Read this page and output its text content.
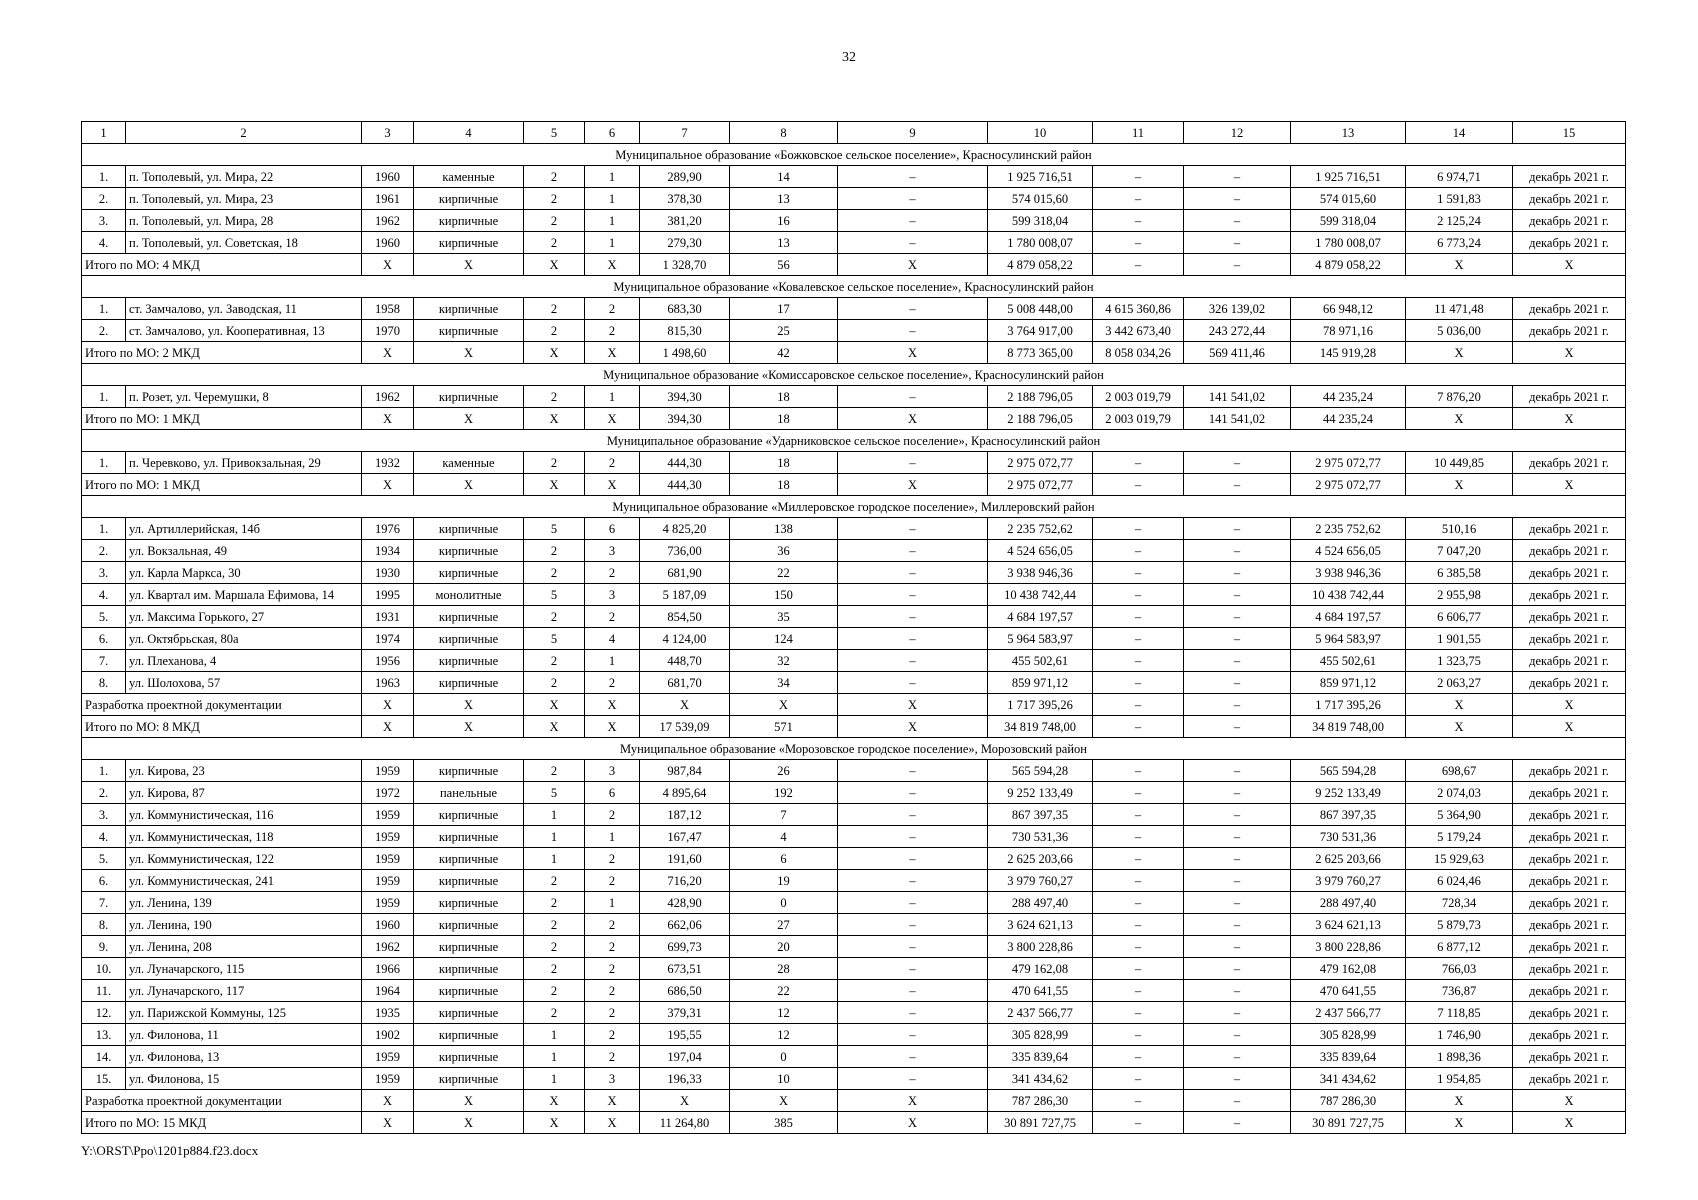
32
1	2	3	4	5	6	7	8	9	10	11	12	13	14	15
Муниципальное образование «Божковское сельское поселение», Красносулинский район														
1.	п. Тополевый, ул. Мира, 22	1960	каменные	2	1	289,90	14	–	1 925 716,51	–	–	1 925 716,51	6 974,71	декабрь 2021 г.
2.	п. Тополевый, ул. Мира, 23	1961	кирпичные	2	1	378,30	13	–	574 015,60	–	–	574 015,60	1 591,83	декабрь 2021 г.
3.	п. Тополевый, ул. Мира, 28	1962	кирпичные	2	1	381,20	16	–	599 318,04	–	–	599 318,04	2 125,24	декабрь 2021 г.
4.	п. Тополевый, ул. Советская, 18	1960	кирпичные	2	1	279,30	13	–	1 780 008,07	–	–	1 780 008,07	6 773,24	декабрь 2021 г.
Итого по МО: 4 МКД		Х	Х	Х	Х	1 328,70	56	Х	4 879 058,22	–	–	4 879 058,22	Х	Х
Муниципальное образование «Ковалевское сельское поселение», Красносулинский район														
1.	ст. Замчалово, ул. Заводская, 11	1958	кирпичные	2	2	683,30	17	–	5 008 448,00	4 615 360,86	326 139,02	66 948,12	11 471,48	декабрь 2021 г.
2.	ст. Замчалово, ул. Кооперативная, 13	1970	кирпичные	2	2	815,30	25	–	3 764 917,00	3 442 673,40	243 272,44	78 971,16	5 036,00	декабрь 2021 г.
Итого по МО: 2 МКД		Х	Х	Х	Х	1 498,60	42	Х	8 773 365,00	8 058 034,26	569 411,46	145 919,28	Х	Х
Муниципальное образование «Комиссаровское сельское поселение», Красносулинский район														
1.	п. Розет, ул. Черемушки, 8	1962	кирпичные	2	1	394,30	18	–	2 188 796,05	2 003 019,79	141 541,02	44 235,24	7 876,20	декабрь 2021 г.
Итого по МО: 1 МКД		Х	Х	Х	Х	394,30	18	Х	2 188 796,05	2 003 019,79	141 541,02	44 235,24	Х	Х
Муниципальное образование «Ударниковское сельское поселение», Красносулинский район														
1.	п. Черевково, ул. Привокзальная, 29	1932	каменные	2	2	444,30	18	–	2 975 072,77	–	–	2 975 072,77	10 449,85	декабрь 2021 г.
Итого по МО: 1 МКД		Х	Х	Х	Х	444,30	18	Х	2 975 072,77	–	–	2 975 072,77	Х	Х
Муниципальное образование «Миллеровское городское поселение», Миллеровский район														
1.	ул. Артиллерийская, 14б	1976	кирпичные	5	6	4 825,20	138	–	2 235 752,62	–	–	2 235 752,62	510,16	декабрь 2021 г.
2.	ул. Вокзальная, 49	1934	кирпичные	2	3	736,00	36	–	4 524 656,05	–	–	4 524 656,05	7 047,20	декабрь 2021 г.
3.	ул. Карла Маркса, 30	1930	кирпичные	2	2	681,90	22	–	3 938 946,36	–	–	3 938 946,36	6 385,58	декабрь 2021 г.
4.	ул. Квартал им. Маршала Ефимова, 14	1995	монолитные	5	3	5 187,09	150	–	10 438 742,44	–	–	10 438 742,44	2 955,98	декабрь 2021 г.
5.	ул. Максима Горького, 27	1931	кирпичные	2	2	854,50	35	–	4 684 197,57	–	–	4 684 197,57	6 606,77	декабрь 2021 г.
6.	ул. Октябрьская, 80а	1974	кирпичные	5	4	4 124,00	124	–	5 964 583,97	–	–	5 964 583,97	1 901,55	декабрь 2021 г.
7.	ул. Плеханова, 4	1956	кирпичные	2	1	448,70	32	–	455 502,61	–	–	455 502,61	1 323,75	декабрь 2021 г.
8.	ул. Шолохова, 57	1963	кирпичные	2	2	681,70	34	–	859 971,12	–	–	859 971,12	2 063,27	декабрь 2021 г.
Разработка проектной документации		Х	Х	Х	Х	Х	Х	Х	1 717 395,26	–	–	1 717 395,26	Х	Х
Итого по МО: 8 МКД		Х	Х	Х	Х	17 539,09	571	Х	34 819 748,00	–	–	34 819 748,00	Х	Х
Муниципальное образование «Морозовское городское поселение», Морозовский район														
1.	ул. Кирова, 23	1959	кирпичные	2	3	987,84	26	–	565 594,28	–	–	565 594,28	698,67	декабрь 2021 г.
2.	ул. Кирова, 87	1972	панельные	5	6	4 895,64	192	–	9 252 133,49	–	–	9 252 133,49	2 074,03	декабрь 2021 г.
3.	ул. Коммунистическая, 116	1959	кирпичные	1	2	187,12	7	–	867 397,35	–	–	867 397,35	5 364,90	декабрь 2021 г.
4.	ул. Коммунистическая, 118	1959	кирпичные	1	1	167,47	4	–	730 531,36	–	–	730 531,36	5 179,24	декабрь 2021 г.
5.	ул. Коммунистическая, 122	1959	кирпичные	1	2	191,60	6	–	2 625 203,66	–	–	2 625 203,66	15 929,63	декабрь 2021 г.
6.	ул. Коммунистическая, 241	1959	кирпичные	2	2	716,20	19	–	3 979 760,27	–	–	3 979 760,27	6 024,46	декабрь 2021 г.
7.	ул. Ленина, 139	1959	кирпичные	2	1	428,90	0	–	288 497,40	–	–	288 497,40	728,34	декабрь 2021 г.
8.	ул. Ленина, 190	1960	кирпичные	2	2	662,06	27	–	3 624 621,13	–	–	3 624 621,13	5 879,73	декабрь 2021 г.
9.	ул. Ленина, 208	1962	кирпичные	2	2	699,73	20	–	3 800 228,86	–	–	3 800 228,86	6 877,12	декабрь 2021 г.
10.	ул. Луначарского, 115	1966	кирпичные	2	2	673,51	28	–	479 162,08	–	–	479 162,08	766,03	декабрь 2021 г.
11.	ул. Луначарского, 117	1964	кирпичные	2	2	686,50	22	–	470 641,55	–	–	470 641,55	736,87	декабрь 2021 г.
12.	ул. Парижской Коммуны, 125	1935	кирпичные	2	2	379,31	12	–	2 437 566,77	–	–	2 437 566,77	7 118,85	декабрь 2021 г.
13.	ул. Филонова, 11	1902	кирпичные	1	2	195,55	12	–	305 828,99	–	–	305 828,99	1 746,90	декабрь 2021 г.
14.	ул. Филонова, 13	1959	кирпичные	1	2	197,04	0	–	335 839,64	–	–	335 839,64	1 898,36	декабрь 2021 г.
15.	ул. Филонова, 15	1959	кирпичные	1	3	196,33	10	–	341 434,62	–	–	341 434,62	1 954,85	декабрь 2021 г.
Разработка проектной документации		Х	Х	Х	Х	Х	Х	Х	787 286,30	–	–	787 286,30	Х	Х
Итого по МО: 15 МКД		Х	Х	Х	Х	11 264,80	385	Х	30 891 727,75	–	–	30 891 727,75	Х	Х
Y:\ORST\Ppo\1201p884.f23.docx
